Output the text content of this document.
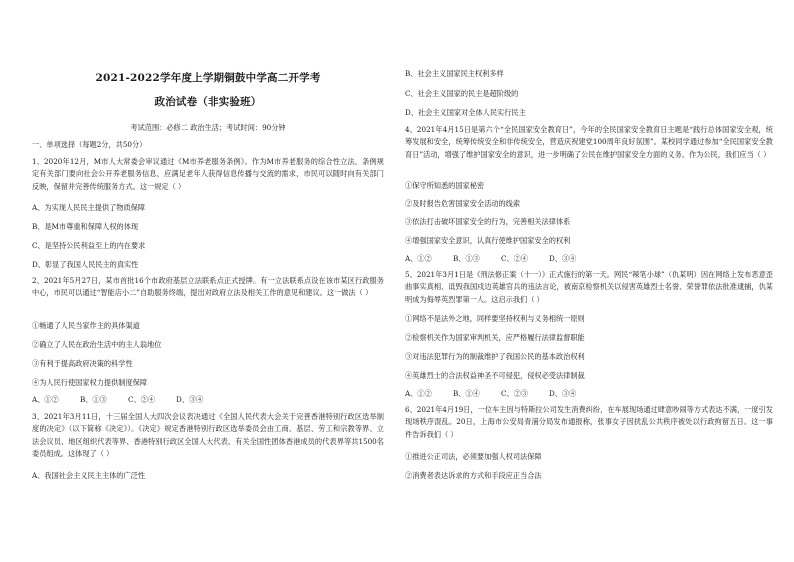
2021-2022学年度上学期铜鼓中学高二开学考

政治试卷（非实验班）

考试范围：必修二 政治生活；考试时间：90分钟

一、单项选择（每题2分，共50分）

1、2020年12月，M市人大常委会审议通过《M市养老服务条例》。作为M市养老服务的综合性立法，条例规定有关部门要向社会公开养老服务信息，应满足老年人获得信息传播与交流的需求，市民可以随时向有关部门反映，保留并完善传统服务方式。这一规定（ ）

A、为实现人民民主提供了物质保障

B、是M市尊重和保障人权的体现

C、是坚持公民利益至上的内在要求

D、彰显了我国人民民主的真实性

2、2021年5月27日，某市首批16个市政府基层立法联系点正式授牌。有一立法联系点设在该市某区行政服务中心，市民可以通过“智能店小二”自助服务终端，提出对政府立法及相关工作的意见和建议。这一做法（ ）

①畅通了人民当家作主的具体渠道

②确立了人民在政治生活中的主人翁地位

③有利于提高政府决策的科学性

④为人民行使国家权力提供制度保障

A、①②	B、①③	C、②④	D、③④

3、2021年3月11日，十三届全国人大四次会议表决通过《全国人民代表大会关于完善香港特别行政区选举制度的决定》（以下简称《决定》）。《决定》规定香港特别行政区选举委员会由工商、基层、劳工和宗教等界、立法会议员、地区组织代表等界、香港特别行政区全国人大代表、有关全国性团体香港成员的代表界等共1500名委员组成。这体现了（ ）

A、我国社会主义民主主体的广泛性

B、社会主义国家民主权利多样

C、社会主义国家的民主是超阶级的

D、社会主义国家对全体人民实行民主

4、2021年4月15日是第六个“全民国家安全教育日”，今年的全民国家安全教育日主题是“践行总体国家安全观，统筹发展和安全，统筹传统安全和非传统安全，营造庆祝建党100周年良好氛围”。某校同学通过参加“全民国家安全教育日”活动，增强了维护国家安全的意识，进一步明确了公民在维护国家安全方面的义务。作为公民，我们应当（ ）

①保守所知悉的国家秘密

②及时报告危害国家安全活动的线索

③依法打击破坏国家安全的行为，完善相关法律体系

④增强国家安全意识，认真行使维护国家安全的权利

A、①②	B、①③	C、②④	D、③④

5、2021年3月1日是《刑法修正案（十一）》正式施行的第一天。网民“辣笔小球”（仇某明）因在网络上发布恶意歪曲事实真相、诋毁我国戍边英雄官兵的违法言论，被南京检察机关以侵害英雄烈士名誉、荣誉罪依法批准逮捕，仇某明成为侮辱英烈罪第一人。这启示我们（ ）

①网络不是法外之地，同样要坚持权利与义务相统一原则

②检察机关作为国家审判机关，应严格履行法律监督职能

③对违法犯罪行为的制裁维护了我国公民的基本政治权利

④英雄烈士的合法权益神圣不可侵犯，侵权必受法律制裁

A、①②	B、①④	C、②③	D、③④

6、2021年4月19日，一位车主因与特斯拉公司发生消费纠纷，在车展现场通过肆意吵闹等方式表达不满，一度引发现场秩序混乱。20日，上海市公安局青浦分局发布通报称，张事女子因扰乱公共秩序被处以行政拘留五日。这一事件告诉我们（ ）

①推进公正司法，必须要加强人权司法保障

②消费者表达诉求的方式和手段应正当合法
